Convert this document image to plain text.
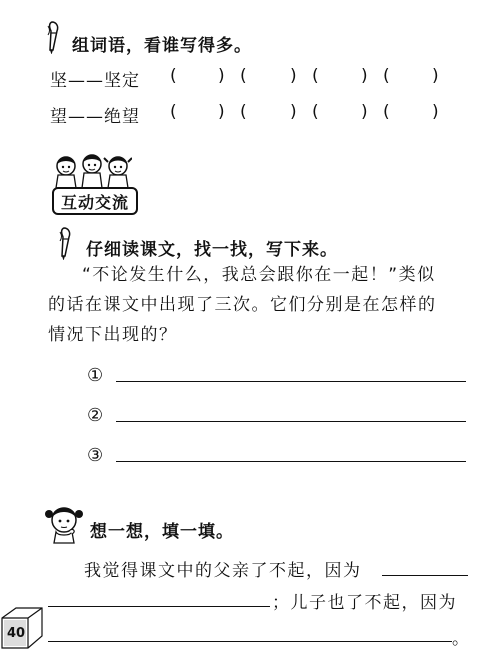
组词语，看谁写得多。
坚——坚定 ( ) (	) ( ) ( )
望——绝望 ( ) (	) ( ) ( )
互动交流
仔细读课文，找一找，写下来。
“不论发生什么，我总会跟你在一起！”类似
的话在课文中出现了三次。它们分别是在怎样的
情况下出现的？
①
②
③
想一想，填一填。
我觉得课文中的父亲了不起，因为
；儿子也了不起，因为
。
40
